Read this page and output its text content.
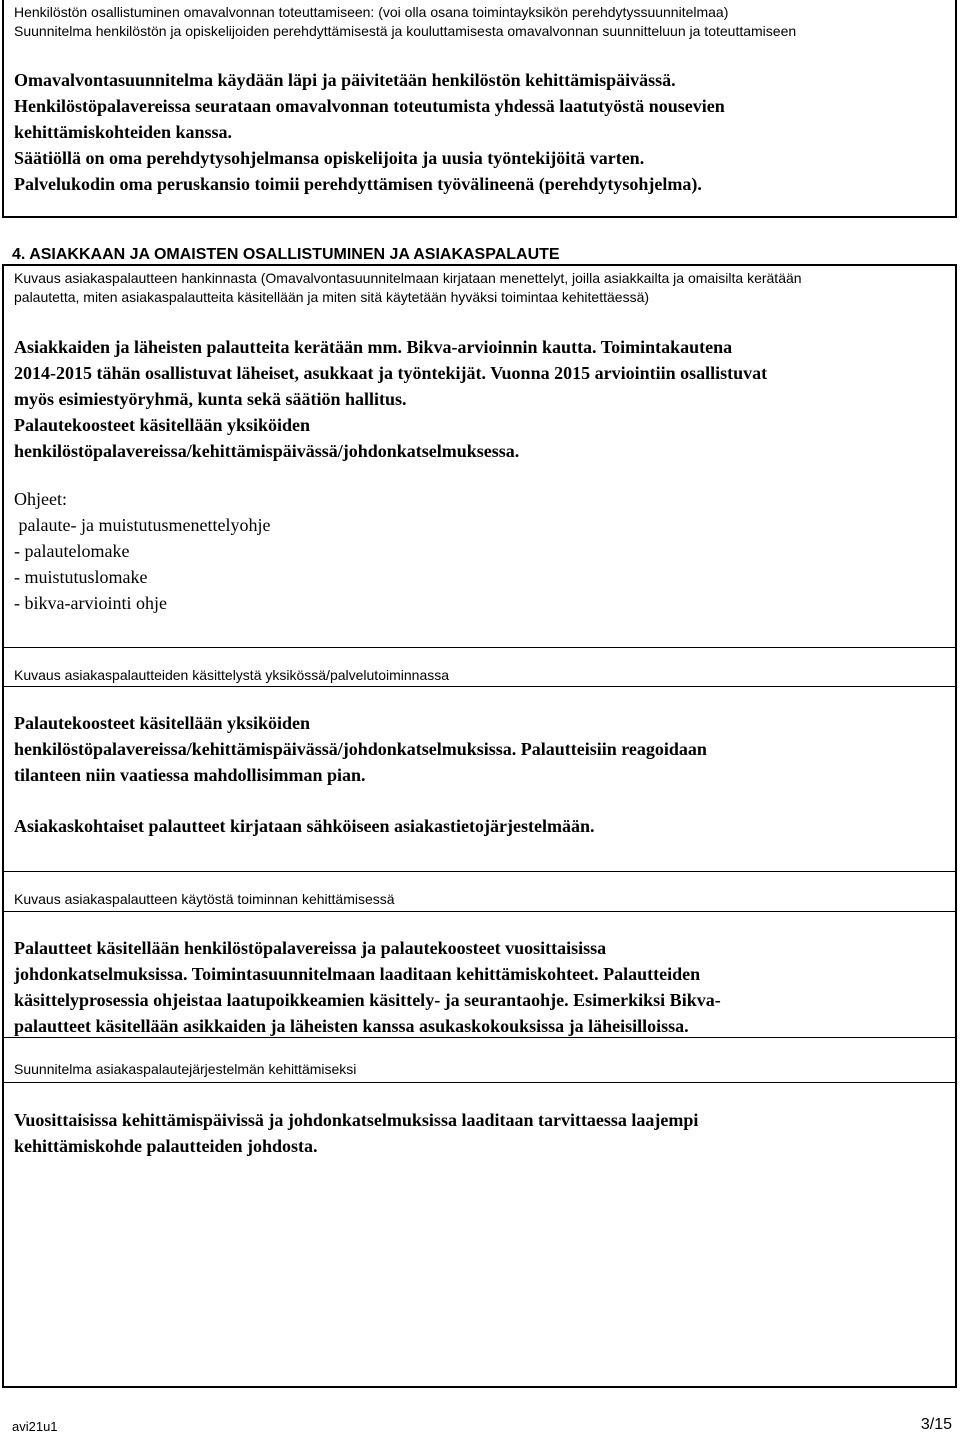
Henkilöstön osallistuminen omavalvonnan toteuttamiseen: (voi olla osana toimintayksikön perehdytyssuunnitelmaa)
Suunnitelma henkilöstön ja opiskelijoiden perehdyttämisestä ja kouluttamisesta omavalvonnan suunnitteluun ja toteuttamiseen
Omavalvontasuunnitelma käydään läpi ja päivitetään henkilöstön kehittämispäivässä.
Henkilöstöpalavereissa seurataan omavalvonnan toteutumista yhdessä laatutyöstä nousevien
kehittämiskohteiden kanssa.
Säätiöllä on oma perehdytysohjelmansa opiskelijoita ja uusia työntekijöitä varten.
Palvelukodin oma peruskansio toimii perehdyttämisen työvälineenä (perehdytysohjelma).
4. ASIAKKAAN JA OMAISTEN OSALLISTUMINEN JA ASIAKASPALAUTE
Kuvaus asiakaspalautteen hankinnasta (Omavalvontasuunnitelmaan kirjataan menettelyt, joilla asiakkailta ja omaisilta kerätään
palautetta, miten asiakaspalautteita käsitellään ja miten sitä käytetään hyväksi toimintaa kehitettäessä)
Asiakkaiden ja läheisten palautteita kerätään mm. Bikva-arvioinnin kautta. Toimintakautena
2014-2015 tähän osallistuvat läheiset, asukkaat ja työntekijät. Vuonna 2015 arviointiin osallistuvat
myös esimiestyöryhmä, kunta sekä säätiön hallitus.
Palautekoosteet käsitellään yksiköiden
henkilöstöpalavereissa/kehittämispäivässä/johdonkatselmuksessa.
Ohjeet:
palaute- ja muistutusmenettelyohje
- palautelomake
- muistutuslomake
- bikva-arviointi ohje
Kuvaus asiakaspalautteiden käsittelystä yksikössä/palvelutoiminnassa
Palautekoosteet käsitellään yksiköiden
henkilöstöpalavereissa/kehittämispäivässä/johdonkatselmuksissa. Palautteisiin reagoidaan
tilanteen niin vaatiessa mahdollisimman pian.
Asiakaskohtaiset palautteet kirjataan sähköiseen asiakastietojärjestelmään.
Kuvaus asiakaspalautteen käytöstä toiminnan kehittämisessä
Palautteet käsitellään henkilöstöpalavereissa ja palautekoosteet vuosittaisissa
johdonkatselmuksissa. Toimintasuunnitelmaan laaditaan kehittämiskohteet. Palautteiden
käsittelyprosessia ohjeistaa laatupoikkeamien käsittely- ja seurantaohje. Esimerkiksi Bikva-
palautteet käsitellään asikkaiden ja läheisten kanssa asukaskokouksissa ja läheisilloissa.
Suunnitelma asiakaspalautejärjestelmän kehittämiseksi
Vuosittaisissa kehittämispäivissä ja johdonkatselmuksissa laaditaan tarvittaessa laajempi
kehittämiskohde palautteiden johdosta.
avi21u1	3/15
